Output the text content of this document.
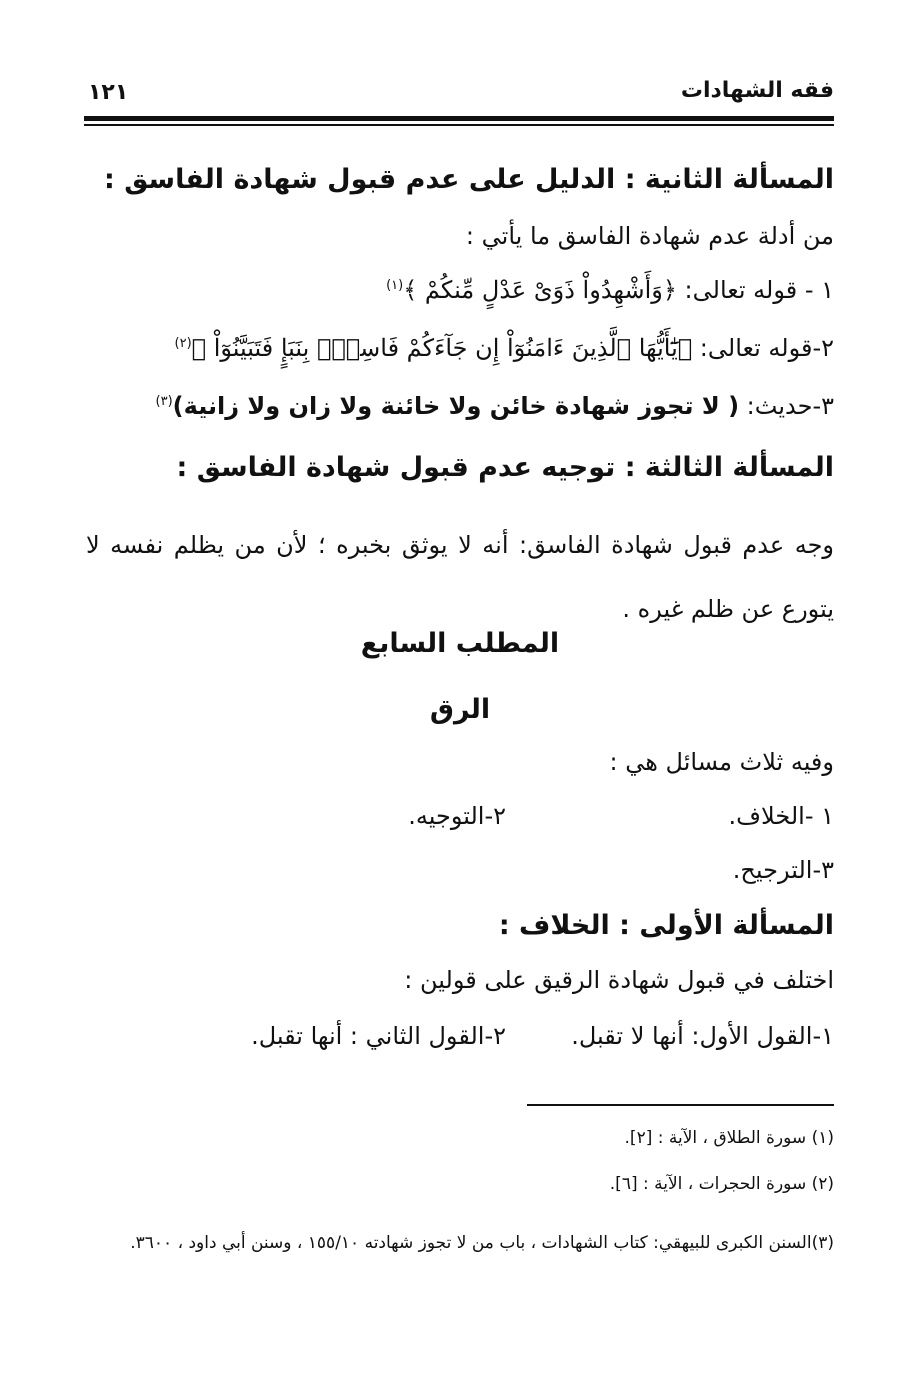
فقه الشهادات
١٢١
المسألة الثانية : الدليل على عدم قبول شهادة الفاسق :
من أدلة عدم شهادة الفاسق ما يأتي :
١ - قوله تعالى: ﴿وَأَشْهِدُواْ ذَوَىْ عَدْلٍ مِّنكُمْ ﴾$^{(١)}$
٢-قوله تعالى: ﴿يَٰٓأَيُّهَا ٱلَّذِينَ ءَامَنُوٓاْ إِن جَآءَكُمْ فَاسِقٌۢ بِنَبَإٍ فَتَبَيَّنُوٓاْ ﴾$^{(٢)}$
٣-حديث: ( لا تجوز شهادة خائن ولا خائنة ولا زان ولا زانية)$^{(٣)}$
المسألة الثالثة : توجيه عدم قبول شهادة الفاسق :
وجه عدم قبول شهادة الفاسق: أنه لا يوثق بخبره ؛ لأن من يظلم نفسه لا يتورع عن ظلم غيره .
المطلب السابع
الرق
وفيه ثلاث مسائل هي :
١ -الخلاف.
٢-التوجيه.
٣-الترجيح.
المسألة الأولى : الخلاف :
اختلف في قبول شهادة الرقيق على قولين :
١-القول الأول: أنها لا تقبل.
٢-القول الثاني : أنها تقبل.
(١) سورة الطلاق ، الآية : [٢].
(٢) سورة الحجرات ، الآية : [٦].
(٣)السنن الكبرى للبيهقي: كتاب الشهادات ، باب من لا تجوز شهادته ١٥٥/١٠ ، وسنن أبي داود ، ٣٦٠٠.
